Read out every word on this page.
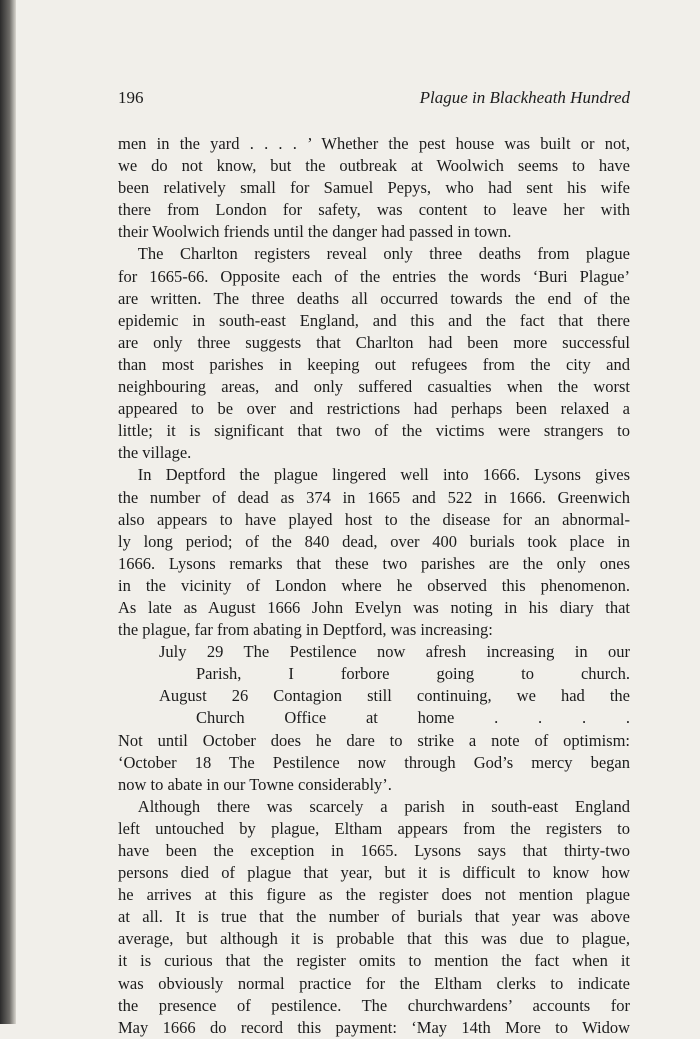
196	Plague in Blackheath Hundred

men in the yard . . . . ’ Whether the pest house was built or not,

we do not know, but the outbreak at Woolwich seems to have

been relatively small for Samuel Pepys, who had sent his wife

there from London for safety, was content to leave her with

their Woolwich friends until the danger had passed in town.

The Charlton registers reveal only three deaths from plague

for 1665-66. Opposite each of the entries the words ‘Buri Plague’

are written. The three deaths all occurred towards the end of the

epidemic in south-east England, and this and the fact that there

are only three suggests that Charlton had been more successful

than most parishes in keeping out refugees from the city and

neighbouring areas, and only suffered casualties when the worst

appeared to be over and restrictions had perhaps been relaxed a

little; it is significant that two of the victims were strangers to

the village.

In Deptford the plague lingered well into 1666. Lysons gives

the number of dead as 374 in 1665 and 522 in 1666. Greenwich

also appears to have played host to the disease for an abnormal-

ly long period; of the 840 dead, over 400 burials took place in

1666. Lysons remarks that these two parishes are the only ones

in the vicinity of London where he observed this phenomenon.

As late as August 1666 John Evelyn was noting in his diary that

the plague, far from abating in Deptford, was increasing:

July 29 The Pestilence now afresh increasing in our

Parish, I forbore going to church.

August 26 Contagion still continuing, we had the

Church Office at home . . . .

Not until October does he dare to strike a note of optimism:

‘October 18 The Pestilence now through God’s mercy began

now to abate in our Towne considerably’.

Although there was scarcely a parish in south-east England

left untouched by plague, Eltham appears from the registers to

have been the exception in 1665. Lysons says that thirty-two

persons died of plague that year, but it is difficult to know how

he arrives at this figure as the register does not mention plague

at all. It is true that the number of burials that year was above

average, but although it is probable that this was due to plague,

it is curious that the register omits to mention the fact when it

was obviously normal practice for the Eltham clerks to indicate

the presence of pestilence. The churchwardens’ accounts for

May 1666 do record this payment: ‘May 14th More to Widow
